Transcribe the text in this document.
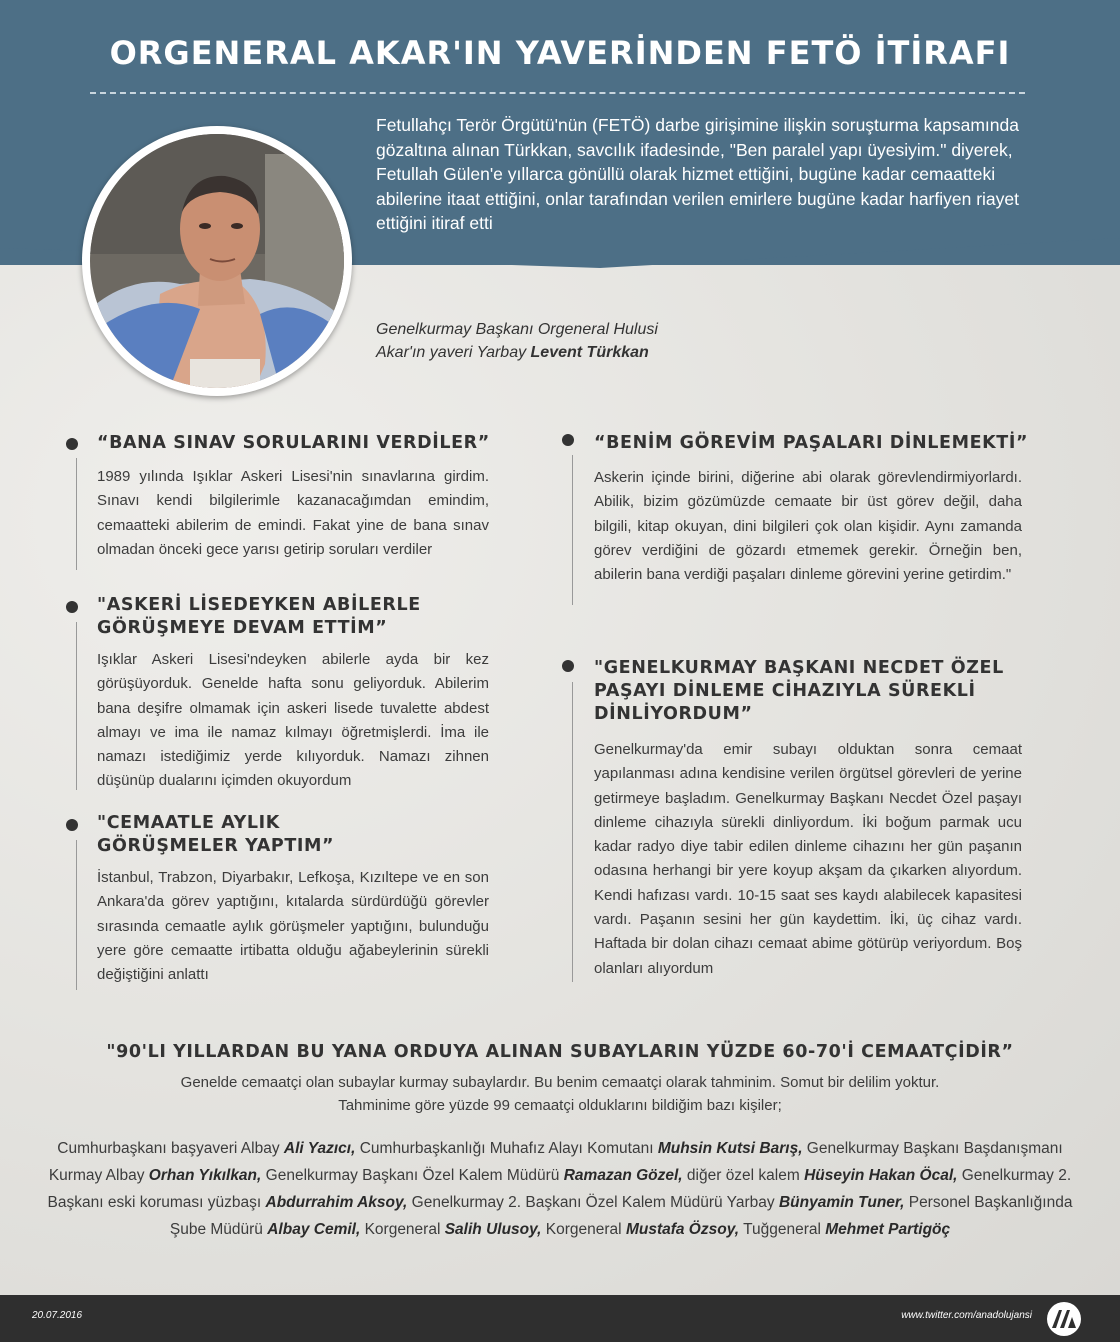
ORGENERAL AKAR'IN YAVERİNDEN FETÖ İTİRAFI
Fetullahçı Terör Örgütü'nün (FETÖ) darbe girişimine ilişkin soruşturma kapsamında gözaltına alınan Türkkan, savcılık ifadesinde, "Ben paralel yapı üyesiyim." diyerek, Fetullah Gülen'e yıllarca gönüllü olarak hizmet ettiğini, bugüne kadar cemaatteki abilerine itaat ettiğini, onlar tarafından verilen emirlere bugüne kadar harfiyen riayet ettiğini itiraf etti
Genelkurmay Başkanı Orgeneral Hulusi
Akar'ın yaveri Yarbay Levent Türkkan
“BANA SINAV SORULARINI VERDİLER”
1989 yılında Işıklar Askeri Lisesi'nin sınavlarına girdim. Sınavı kendi bilgilerimle kazanacağımdan emindim, cemaatteki abilerim de emindi. Fakat yine de bana sınav olmadan önceki gece yarısı getirip soruları verdiler
"ASKERİ LİSEDEYKEN ABİLERLE
GÖRÜŞMEYE DEVAM ETTİM”
Işıklar Askeri Lisesi'ndeyken abilerle ayda bir kez görüşüyorduk. Genelde hafta sonu geliyorduk. Abilerim bana deşifre olmamak için askeri lisede tuvalette abdest almayı ve ima ile namaz kılmayı öğretmişlerdi. İma ile namazı istediğimiz yerde kılıyorduk. Namazı zihnen düşünüp dualarını içimden okuyordum
"CEMAATLE AYLIK
GÖRÜŞMELER YAPTIM”
İstanbul, Trabzon, Diyarbakır, Lefkoşa, Kızıltepe ve en son Ankara'da görev yaptığını, kıtalarda sürdürdüğü görevler sırasında cemaatle aylık görüşmeler yaptığını, bulunduğu yere göre cemaatte irtibatta olduğu ağabeylerinin sürekli değiştiğini anlattı
“BENİM GÖREVİM PAŞALARI DİNLEMEKTİ”
Askerin içinde birini, diğerine abi olarak görevlendirmiyorlardı. Abilik, bizim gözümüzde cemaate bir üst görev değil, daha bilgili, kitap okuyan, dini bilgileri çok olan kişidir. Aynı zamanda görev verdiğini de gözardı etmemek gerekir. Örneğin ben, abilerin bana verdiği paşaları dinleme görevini yerine getirdim."
"GENELKURMAY BAŞKANI NECDET ÖZEL
PAŞAYI DİNLEME CİHAZIYLA SÜREKLİ
DİNLİYORDUM”
Genelkurmay'da emir subayı olduktan sonra cemaat yapılanması adına kendisine verilen örgütsel görevleri de yerine getirmeye başladım. Genelkurmay Başkanı Necdet Özel paşayı dinleme cihazıyla sürekli dinliyordum. İki boğum parmak ucu kadar radyo diye tabir edilen dinleme cihazını her gün paşanın odasına herhangi bir yere koyup akşam da çıkarken alıyordum. Kendi hafızası vardı. 10-15 saat ses kaydı alabilecek kapasitesi vardı. Paşanın sesini her gün kaydettim. İki, üç cihaz vardı. Haftada bir dolan cihazı cemaat abime götürüp veriyordum. Boş olanları alıyordum
"90'LI YILLARDAN BU YANA ORDUYA ALINAN SUBAYLARIN YÜZDE 60-70'İ CEMAATÇİDİR”
Genelde cemaatçi olan subaylar kurmay subaylardır. Bu benim cemaatçi olarak tahminim. Somut bir delilim yoktur.
Tahminime göre yüzde 99 cemaatçi olduklarını bildiğim bazı kişiler;
Cumhurbaşkanı başyaveri Albay Ali Yazıcı, Cumhurbaşkanlığı Muhafız Alayı Komutanı Muhsin Kutsi Barış, Genelkurmay Başkanı Başdanışmanı Kurmay Albay Orhan Yıkılkan, Genelkurmay Başkanı Özel Kalem Müdürü Ramazan Gözel, diğer özel kalem Hüseyin Hakan Öcal, Genelkurmay 2. Başkanı eski koruması yüzbaşı Abdurrahim Aksoy, Genelkurmay 2. Başkanı Özel Kalem Müdürü Yarbay Bünyamin Tuner, Personel Başkanlığında Şube Müdürü Albay Cemil, Korgeneral Salih Ulusoy, Korgeneral Mustafa Özsoy, Tuğgeneral Mehmet Partigöç
20.07.2016	www.twitter.com/anadolujansi
